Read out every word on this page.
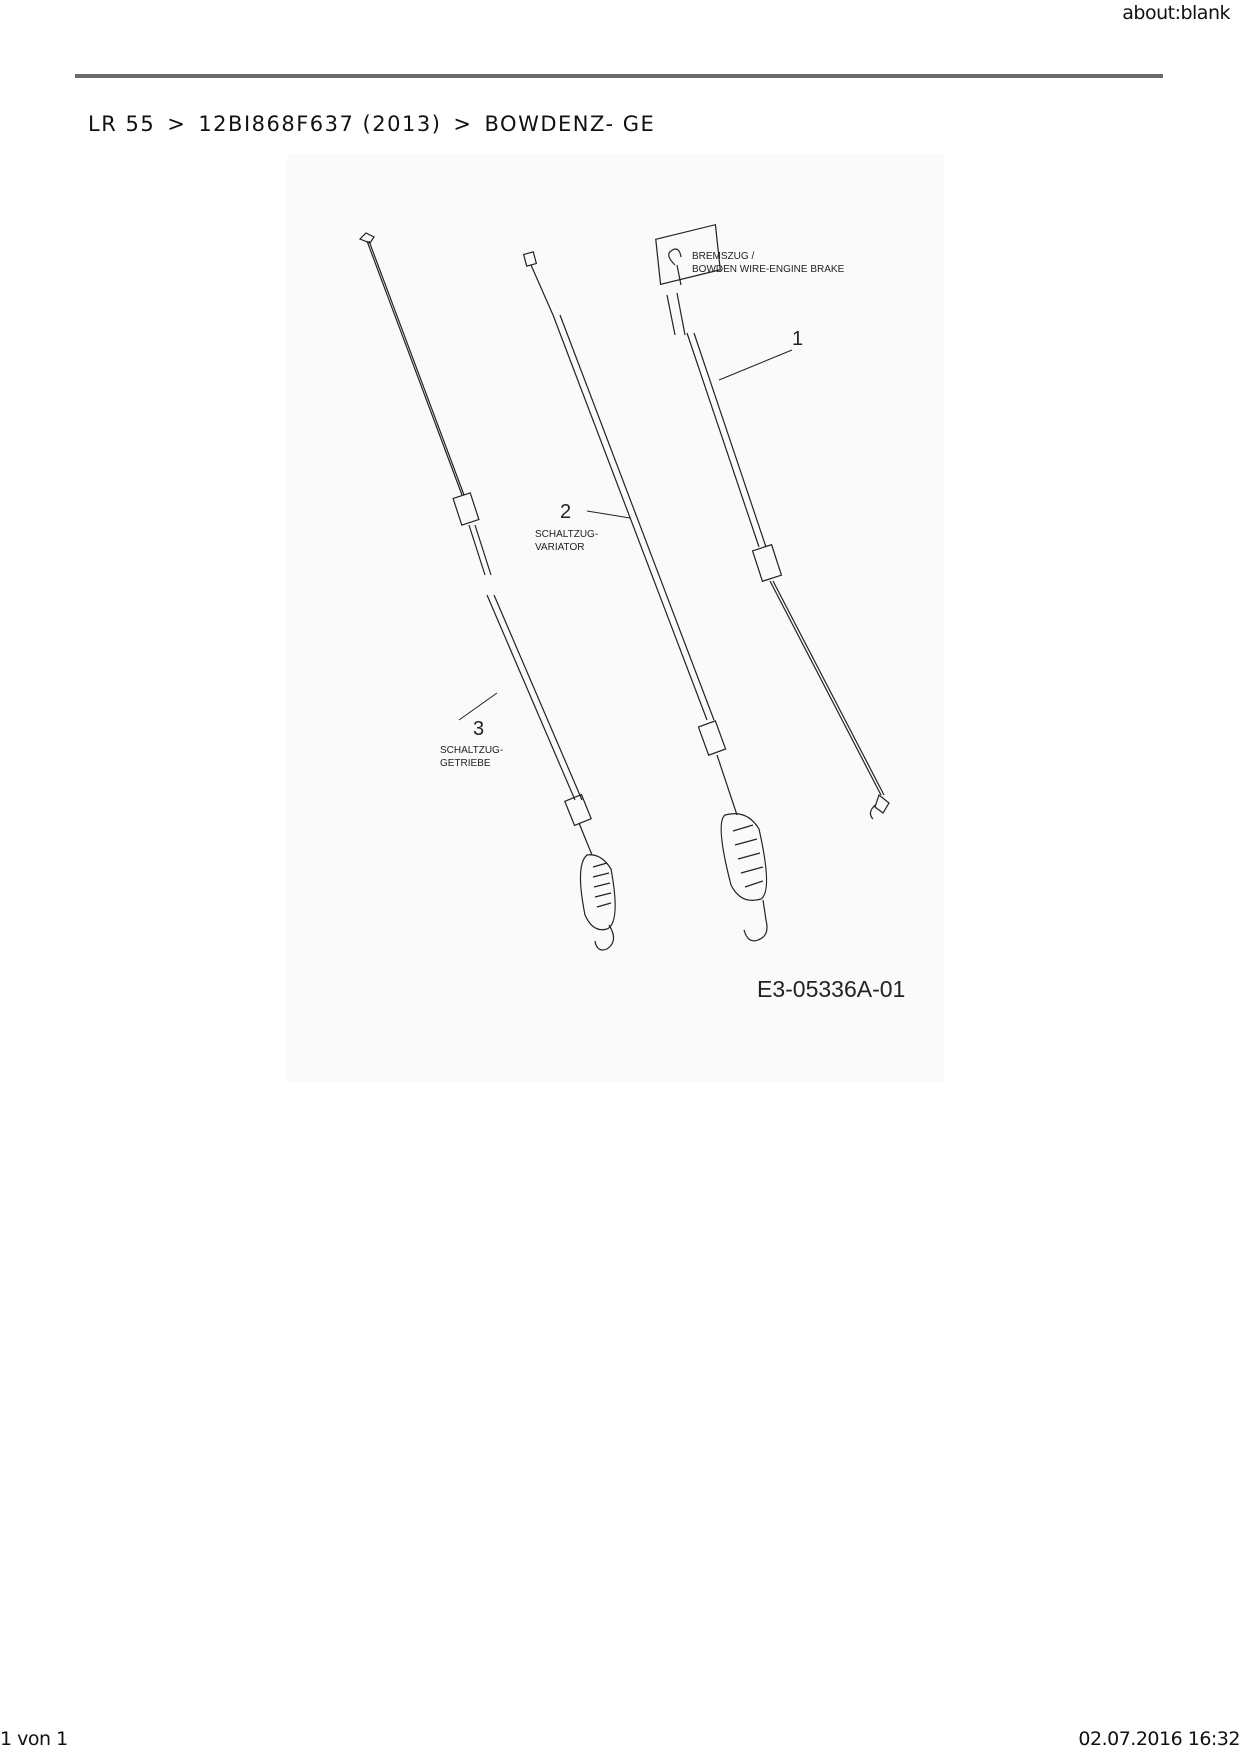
about:blank
LR 55 > 12BI868F637 (2013) > BOWDENZ- GE
BREMSZUG /
BOWDEN WIRE-ENGINE BRAKE
1
2
SCHALTZUG-
VARIATOR
3
SCHALTZUG-
GETRIEBE
E3-05336A-01
1 von 1	02.07.2016 16:32
